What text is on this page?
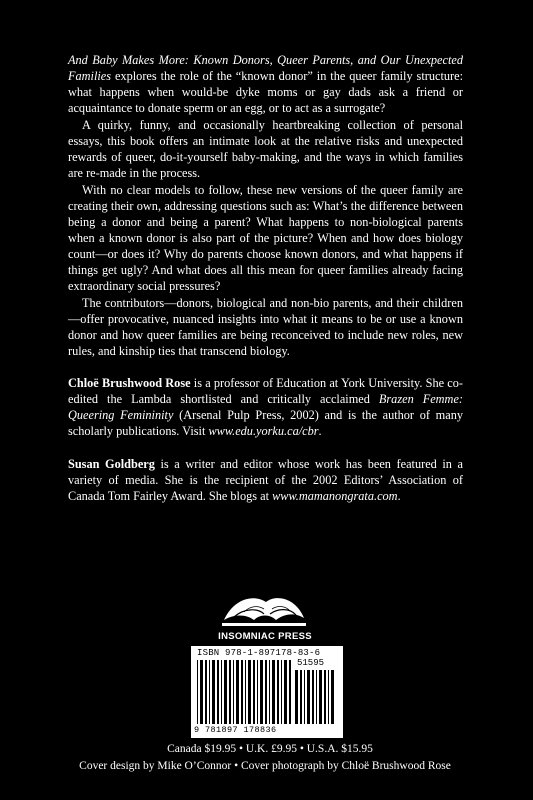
And Baby Makes More: Known Donors, Queer Parents, and Our Unexpected Families explores the role of the “known donor” in the queer family structure: what happens when would-be dyke moms or gay dads ask a friend or acquaintance to donate sperm or an egg, or to act as a surrogate?

A quirky, funny, and occasionally heartbreaking collection of personal essays, this book offers an intimate look at the relative risks and unexpected rewards of queer, do-it-yourself baby-making, and the ways in which families are re-made in the process.

With no clear models to follow, these new versions of the queer family are creating their own, addressing questions such as: What’s the difference between being a donor and being a parent? What happens to non-biological parents when a known donor is also part of the picture? When and how does biology count—or does it? Why do parents choose known donors, and what happens if things get ugly? And what does all this mean for queer families already facing extraordinary social pressures?

The contributors—donors, biological and non-bio parents, and their children—offer provocative, nuanced insights into what it means to be or use a known donor and how queer families are being reconceived to include new roles, new rules, and kinship ties that transcend biology.

Chloë Brushwood Rose is a professor of Education at York University. She co-edited the Lambda shortlisted and critically acclaimed Brazen Femme: Queering Femininity (Arsenal Pulp Press, 2002) and is the author of many scholarly publications. Visit www.edu.yorku.ca/cbr.

Susan Goldberg is a writer and editor whose work has been featured in a variety of media. She is the recipient of the 2002 Editors’ Association of Canada Tom Fairley Award. She blogs at www.mamanongrata.com.

INSOMNIAC PRESS
ISBN 978-1-897178-83-6
51595
9 781897 178836
Canada $19.95 • U.K. £9.95 • U.S.A. $15.95
Cover design by Mike O’Connor • Cover photograph by Chloë Brushwood Rose
